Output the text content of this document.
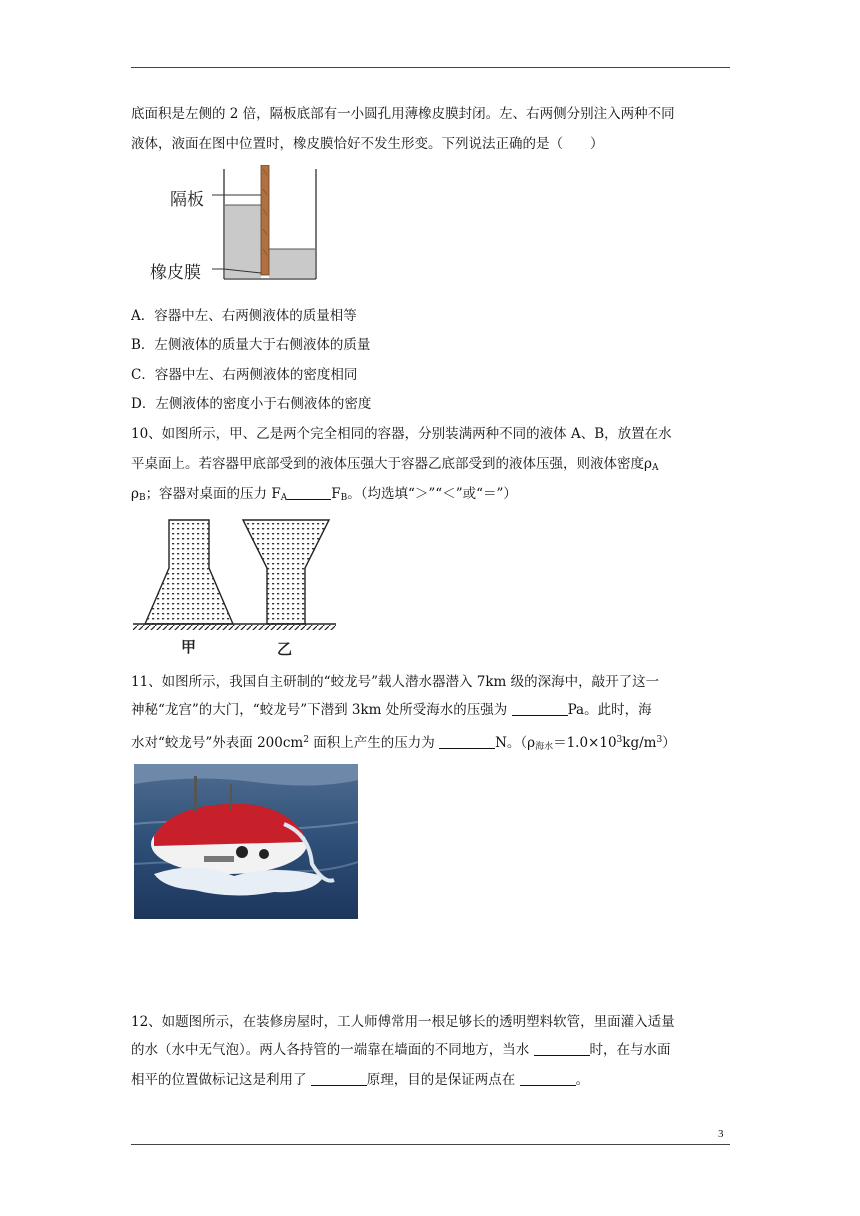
底面积是左侧的 2 倍，隔板底部有一小圆孔用薄橡皮膜封闭。左、右两侧分别注入两种不同
液体，液面在图中位置时，橡皮膜恰好不发生形变。下列说法正确的是（　　）
隔板
橡皮膜
A．容器中左、右两侧液体的质量相等
B．左侧液体的质量大于右侧液体的质量
C．容器中左、右两侧液体的密度相同
D．左侧液体的密度小于右侧液体的密度
10、如图所示，甲、乙是两个完全相同的容器，分别装满两种不同的液体 A、B，放置在水
平桌面上。若容器甲底部受到的液体压强大于容器乙底部受到的液体压强，则液体密度$\rho_A$
$\rho_B$；容器对桌面的压力 $F_A$	$F_B$。（均选填“＞”“＜”或“＝”）
甲	乙
11、如图所示，我国自主研制的“蛟龙号”载人潜水器潜入 7km 级的深海中，敲开了这一
神秘“龙宫”的大门，“蛟龙号”下潜到 3km 处所受海水的压强为	Pa。此时，海
水对“蛟龙号”外表面 $200cm^2$ 面积上产生的压力为	N。$(\rho_{海水}=1.0\times 10^3kg/m^3)$
12、如题图所示，在装修房屋时，工人师傅常用一根足够长的透明塑料软管，里面灌入适量
的水（水中无气泡）。两人各持管的一端靠在墙面的不同地方，当水	时，在与水面
相平的位置做标记这是利用了	原理，目的是保证两点在	。
3
